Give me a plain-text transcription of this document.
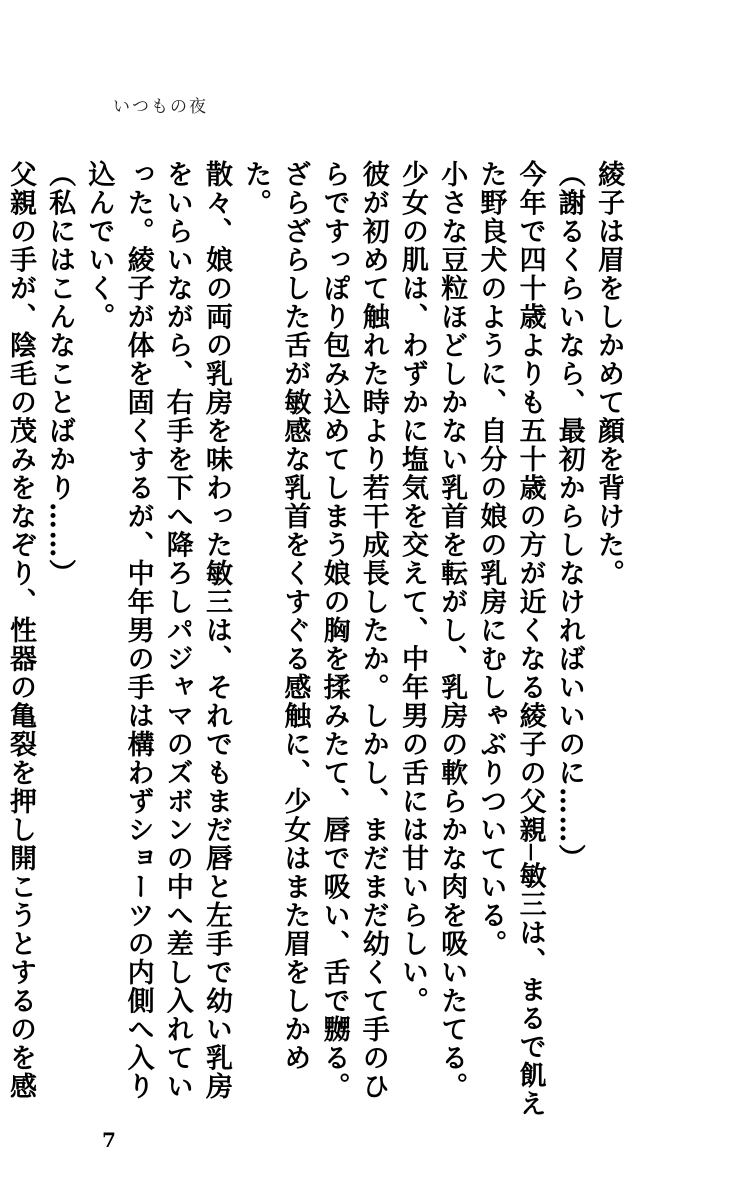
いつもの夜

綾子は眉をしかめて顔を背けた。

（謝るくらいなら、最初からしなければいいのに……）

今年で四十歳よりも五十歳の方が近くなる綾子の父親─敏三は、まるで飢えた野良犬のように、自分の娘の乳房にむしゃぶりついている。

小さな豆粒ほどしかない乳首を転がし、乳房の軟らかな肉を吸いたてる。少女の肌は、わずかに塩気を交えて、中年男の舌には甘いらしい。

彼が初めて触れた時より若干成長したか。しかし、まだまだ幼くて手のひらですっぽり包み込めてしまう娘の胸を揉みたて、唇で吸い、舌で嬲る。ざらざらした舌が敏感な乳首をくすぐる感触に、少女はまた眉をしかめた。

散々、娘の両の乳房を味わった敏三は、それでもまだ唇と左手で幼い乳房をいらいながら、右手を下へ降ろしパジャマのズボンの中へ差し入れていった。綾子が体を固くするが、中年男の手は構わずショーツの内側へ入り込んでいく。

（私にはこんなことばかり……）

父親の手が、陰毛の茂みをなぞり、性器の亀裂を押し開こうとするのを感

7
